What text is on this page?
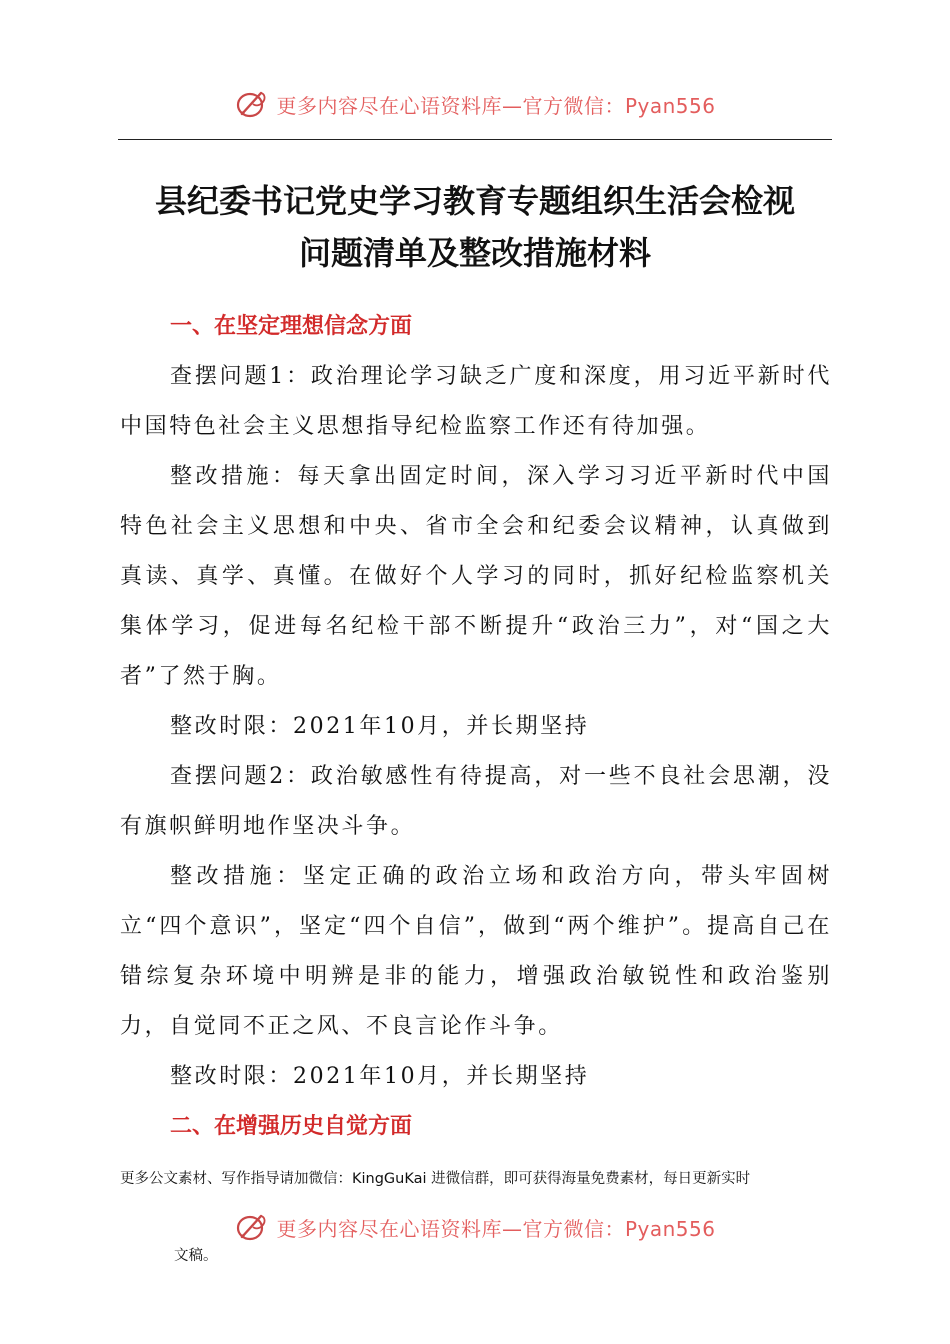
更多内容尽在心语资料库—官方微信：Pyan556
县纪委书记党史学习教育专题组织生活会检视
问题清单及整改措施材料

一、在坚定理想信念方面

查摆问题1：政治理论学习缺乏广度和深度，用习近平新时代中国特色社会主义思想指导纪检监察工作还有待加强。

整改措施：每天拿出固定时间，深入学习习近平新时代中国特色社会主义思想和中央、省市全会和纪委会议精神，认真做到真读、真学、真懂。在做好个人学习的同时，抓好纪检监察机关集体学习，促进每名纪检干部不断提升“政治三力”，对“国之大者”了然于胸。

整改时限：2021年10月，并长期坚持

查摆问题2：政治敏感性有待提高，对一些不良社会思潮，没有旗帜鲜明地作坚决斗争。

整改措施：坚定正确的政治立场和政治方向，带头牢固树立“四个意识”，坚定“四个自信”，做到“两个维护”。提高自己在错综复杂环境中明辨是非的能力，增强政治敏锐性和政治鉴别力，自觉同不正之风、不良言论作斗争。

整改时限：2021年10月，并长期坚持

二、在增强历史自觉方面

更多公文素材、写作指导请加微信：KingGuKai 进微信群，即可获得海量免费素材，每日更新实时
更多内容尽在心语资料库—官方微信：Pyan556
文稿。
